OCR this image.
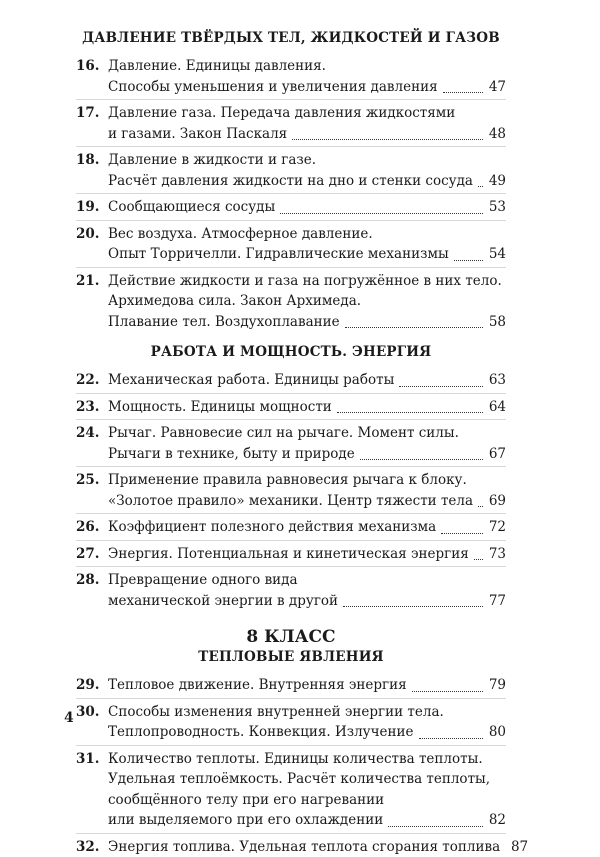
ДАВЛЕНИЕ ТВЁРДЫХ ТЕЛ, ЖИДКОСТЕЙ И ГАЗОВ
16. Давление. Единицы давления.
Способы уменьшения и увеличения давления	47
17. Давление газа. Передача давления жидкостями
и газами. Закон Паскаля	48
18. Давление в жидкости и газе.
Расчёт давления жидкости на дно и стенки сосуда 49
19. Сообщающиеся сосуды	53
20. Вес воздуха. Атмосферное давление.
Опыт Торричелли. Гидравлические механизмы	54
21. Действие жидкости и газа на погружённое в них тело.
Архимедова сила. Закон Архимеда.
Плавание тел. Воздухоплавание	58
РАБОТА И МОЩНОСТЬ. ЭНЕРГИЯ
22. Механическая работа. Единицы работы	63
23. Мощность. Единицы мощности	64
24. Рычаг. Равновесие сил на рычаге. Момент силы.
Рычаги в технике, быту и природе	67
25. Применение правила равновесия рычага к блоку.
«Золотое правило» механики. Центр тяжести тела 69
26. Коэффициент полезного действия механизма	72
27. Энергия. Потенциальная и кинетическая энергия 73
28. Превращение одного вида
механической энергии в другой	77
8 КЛАСС
ТЕПЛОВЫЕ ЯВЛЕНИЯ
29. Тепловое движение. Внутренняя энергия	79
30. Способы изменения внутренней энергии тела.
Теплопроводность. Конвекция. Излучение	80
31. Количество теплоты. Единицы количества теплоты.
Удельная теплоёмкость. Расчёт количества теплоты,
сообщённого телу при его нагревании
или выделяемого при его охлаждении	82
32. Энергия топлива. Удельная теплота сгорания топлива 87
4
